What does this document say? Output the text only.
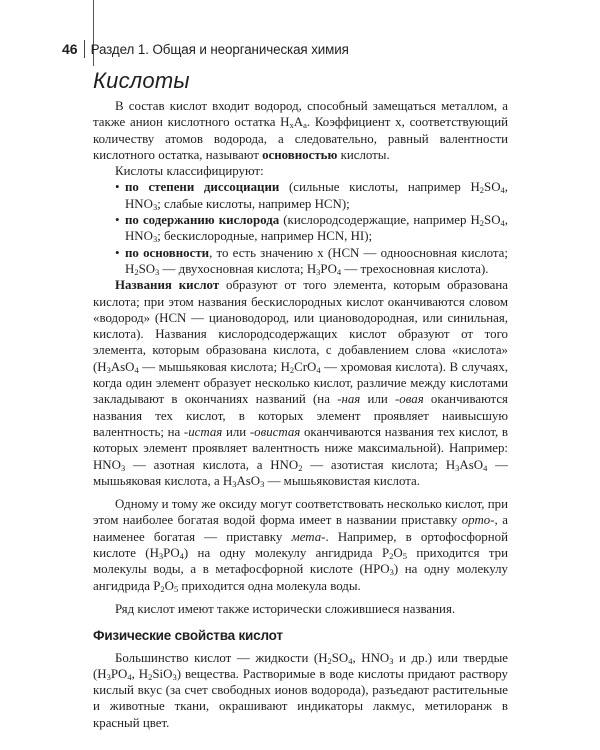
46 Раздел 1. Общая и неорганическая химия
Кислоты

В состав кислот входит водород, способный замещаться металлом, а также анион кислотного остатка $H_xA_a$. Коэффициент x, соответствующий количеству атомов водорода, а следовательно, равный валентности кислотного остатка, называют основностью кислоты.

Кислоты классифицируют:

• по степени диссоциации (сильные кислоты, например $H_2SO_4$, $HNO_3$; слабые кислоты, например HCN);
• по содержанию кислорода (кислородсодержащие, например $H_2SO_4$, $HNO_3$; бескислородные, например HCN, HI);
• по основности, то есть значению x (HCN — одноосновная кислота; $H_2SO_3$ — двухосновная кислота; $H_3PO_4$ — трехосновная кислота).

Названия кислот образуют от того элемента, которым образована кислота; при этом названия бескислородных кислот оканчиваются словом «водород» (HCN — циановодород, или циановодородная, или синильная, кислота). Названия кислородсодержащих кислот образуют от того элемента, которым образована кислота, с добавлением слова «кислота» ($H_3AsO_4$ — мышьяковая кислота; $H_2CrO_4$ — хромовая кислота). В случаях, когда один элемент образует несколько кислот, различие между кислотами закладывают в окончаниях названий (на -ная или -овая оканчиваются названия тех кислот, в которых элемент проявляет наивысшую валентность; на -истая или -овистая оканчиваются названия тех кислот, в которых элемент проявляет валентность ниже максимальной). Например: $HNO_3$ — азотная кислота, а $HNO_2$ — азотистая кислота; $H_3AsO_4$ — мышьяковая кислота, а $H_3AsO_3$ — мышьяковистая кислота.

Одному и тому же оксиду могут соответствовать несколько кислот, при этом наиболее богатая водой форма имеет в названии приставку орто-, а наименее богатая — приставку мета-. Например, в ортофосфорной кислоте $(H_3PO_4)$ на одну молекулу ангидрида $P_2O_5$ приходится три молекулы воды, а в метафосфорной кислоте $(HPO_3)$ на одну молекулу ангидрида $P_2O_5$ приходится одна молекула воды.

Ряд кислот имеют также исторически сложившиеся названия.

Физические свойства кислот

Большинство кислот — жидкости ($H_2SO_4$, $HNO_3$ и др.) или твердые ($H_3PO_4$, $H_2SiO_3$) вещества. Растворимые в воде кислоты придают раствору кислый вкус (за счет свободных ионов водорода), разъедают растительные и животные ткани, окрашивают индикаторы лакмус, метилоранж в красный цвет.
